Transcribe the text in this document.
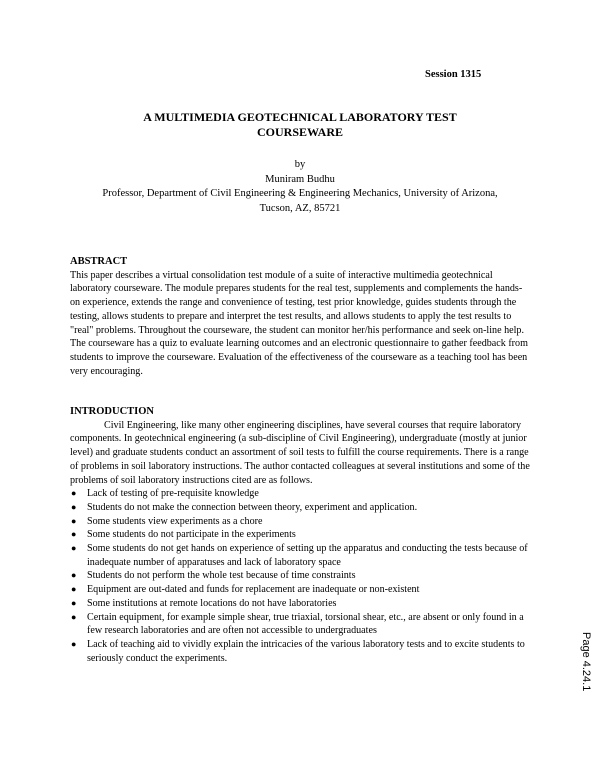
Session 1315
A MULTIMEDIA GEOTECHNICAL LABORATORY TEST
COURSEWARE
by
Muniram Budhu
Professor, Department of Civil Engineering & Engineering Mechanics, University of Arizona,
Tucson, AZ, 85721
ABSTRACT

This paper describes a virtual consolidation test module of a suite of interactive multimedia geotechnical laboratory courseware. The module prepares students for the real test, supplements and complements the hands-on experience, extends the range and convenience of testing, test prior knowledge, guides students through the testing, allows students to prepare and interpret the test results, and allows students to apply the test results to "real" problems. Throughout the courseware, the student can monitor her/his performance and seek on-line help. The courseware has a quiz to evaluate learning outcomes and an electronic questionnaire to gather feedback from students to improve the courseware. Evaluation of the effectiveness of the courseware as a teaching tool has been very encouraging.

INTRODUCTION

Civil Engineering, like many other engineering disciplines, have several courses that require laboratory components. In geotechnical engineering (a sub-discipline of Civil Engineering), undergraduate (mostly at junior level) and graduate students conduct an assortment of soil tests to fulfill the course requirements. There is a range of problems in soil laboratory instructions. The author contacted colleagues at several institutions and some of the problems of soil laboratory instructions cited are as follows.

● Lack of testing of pre-requisite knowledge
● Students do not make the connection between theory, experiment and application.
● Some students view experiments as a chore
● Some students do not participate in the experiments
● Some students do not get hands on experience of setting up the apparatus and conducting the tests because of inadequate number of apparatuses and lack of laboratory space
● Students do not perform the whole test because of time constraints
● Equipment are out-dated and funds for replacement are inadequate or non-existent
● Some institutions at remote locations do not have laboratories
● Certain equipment, for example simple shear, true triaxial, torsional shear, etc., are absent or only found in a few research laboratories and are often not accessible to undergraduates
● Lack of teaching aid to vividly explain the intricacies of the various laboratory tests and to excite students to seriously conduct the experiments.	Page 4.24.1
